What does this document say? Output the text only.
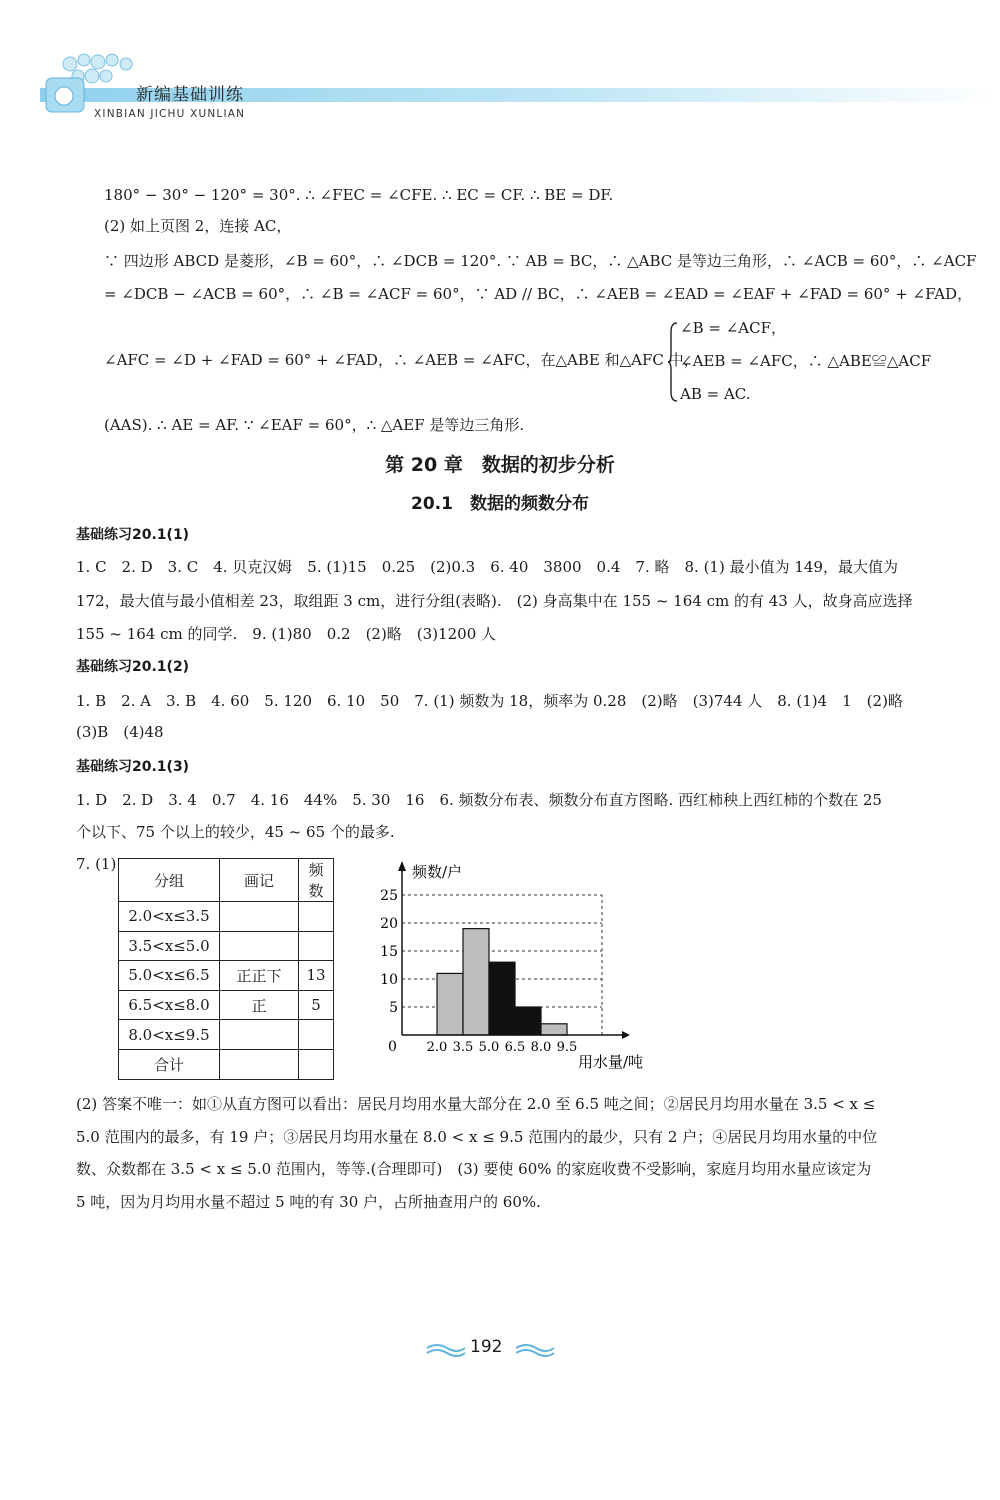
新编基础训练
XINBIAN JICHU XUNLIAN
180° − 30° − 120° = 30°. ∴ ∠FEC = ∠CFE. ∴ EC = CF. ∴ BE = DF.
(2) 如上页图 2，连接 AC，
∵ 四边形 ABCD 是菱形，∠B = 60°，∴ ∠DCB = 120°. ∵ AB = BC，∴ △ABC 是等边三角形，∴ ∠ACB = 60°，∴ ∠ACF
= ∠DCB − ∠ACB = 60°，∴ ∠B = ∠ACF = 60°，∵ AD // BC，∴ ∠AEB = ∠EAD = ∠EAF + ∠FAD = 60° + ∠FAD，
∠AFC = ∠D + ∠FAD = 60° + ∠FAD，∴ ∠AEB = ∠AFC，在△ABE 和△AFC 中，
∠B = ∠ACF，
∠AEB = ∠AFC，∴ △ABE≌△ACF
AB = AC.
(AAS). ∴ AE = AF. ∵ ∠EAF = 60°，∴ △AEF 是等边三角形.
第 20 章　数据的初步分析
20.1　数据的频数分布
基础练习20.1(1)
1. C　2. D　3. C　4. 贝克汉姆　5. (1)15　0.25　(2)0.3　6. 40　3800　0.4　7. 略　8. (1) 最小值为 149，最大值为
172，最大值与最小值相差 23，取组距 3 cm，进行分组(表略).　(2) 身高集中在 155 ~ 164 cm 的有 43 人，故身高应选择
155 ~ 164 cm 的同学.　9. (1)80　0.2　(2)略　(3)1200 人
基础练习20.1(2)
1. B　2. A　3. B　4. 60　5. 120　6. 10　50　7. (1) 频数为 18，频率为 0.28　(2)略　(3)744 人　8. (1)4　1　(2)略
(3)B　(4)48
基础练习20.1(3)
1. D　2. D　3. 4　0.7　4. 16　44%　5. 30　16　6. 频数分布表、频数分布直方图略. 西红柿秧上西红柿的个数在 25
个以下、75 个以上的较少，45 ~ 65 个的最多.
7. (1)
分组	画记	频数
2.0<x≤3.5		
3.5<x≤5.0		
5.0<x≤6.5	正正下	13
6.5<x≤8.0	正	5
8.0<x≤9.5		
合计		
5
10
15
20
25
频数/户
用水量/吨
0 2.0 3.5 5.0 6.5 8.0 9.5
(2) 答案不唯一：如①从直方图可以看出：居民月均用水量大部分在 2.0 至 6.5 吨之间；②居民月均用水量在 3.5 < x ≤
5.0 范围内的最多，有 19 户；③居民月均用水量在 8.0 < x ≤ 9.5 范围内的最少，只有 2 户；④居民月均用水量的中位
数、众数都在 3.5 < x ≤ 5.0 范围内，等等.(合理即可)　(3) 要使 60% 的家庭收费不受影响，家庭月均用水量应该定为
5 吨，因为月均用水量不超过 5 吨的有 30 户，占所抽查用户的 60%.
192
